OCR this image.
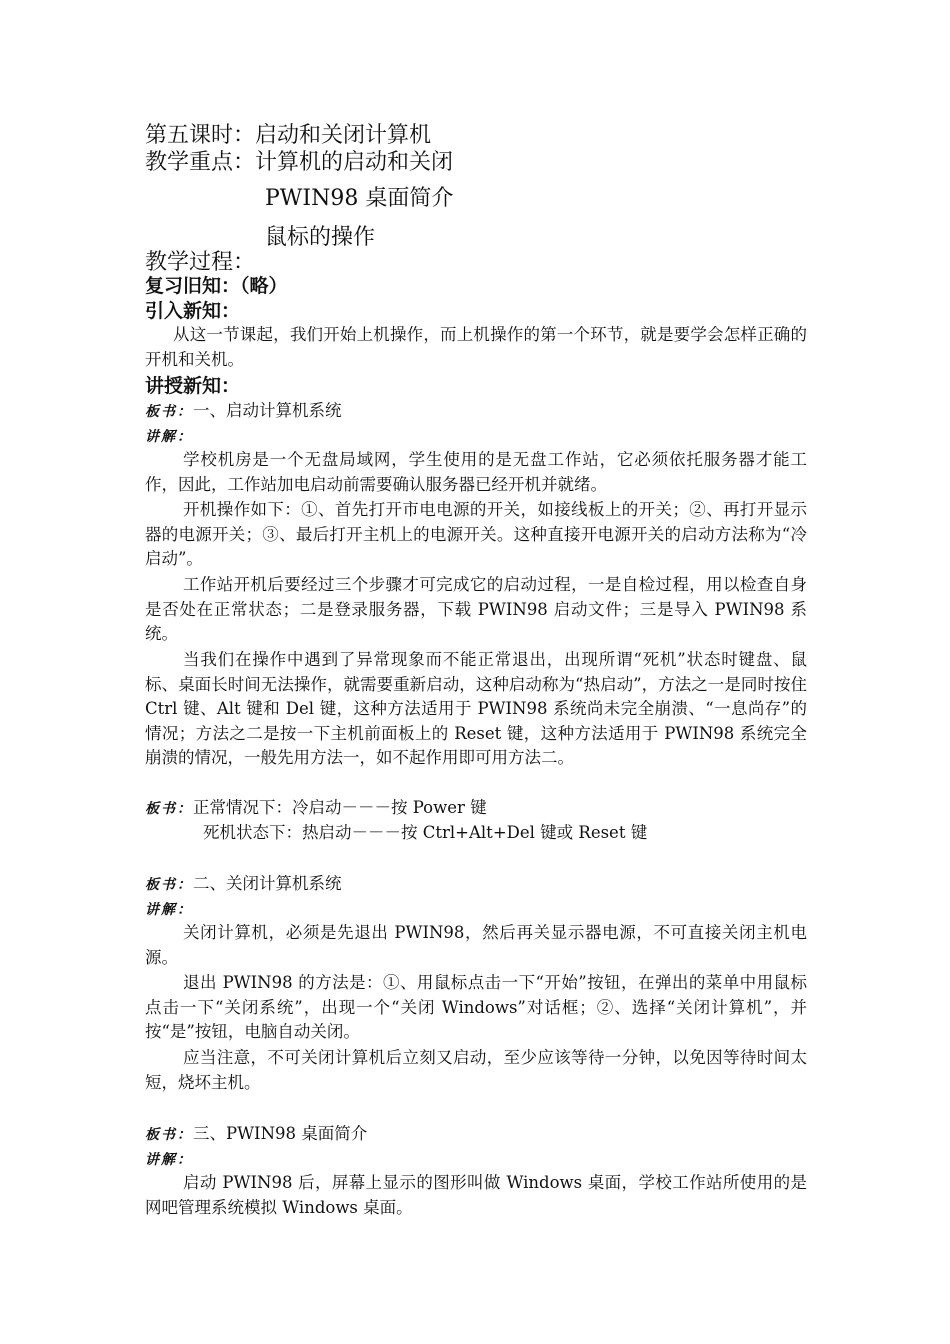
第五课时：启动和关闭计算机
教学重点：计算机的启动和关闭
PWIN98 桌面简介
鼠标的操作
教学过程：
复习旧知：（略）
引入新知：
从这一节课起，我们开始上机操作，而上机操作的第一个环节，就是要学会怎样正确的开机和关机。
讲授新知：
板书：一、启动计算机系统
讲解：
学校机房是一个无盘局域网，学生使用的是无盘工作站，它必须依托服务器才能工作，因此，工作站加电启动前需要确认服务器已经开机并就绪。
开机操作如下：①、首先打开市电电源的开关，如接线板上的开关；②、再打开显示器的电源开关；③、最后打开主机上的电源开关。这种直接开电源开关的启动方法称为“冷启动”。
工作站开机后要经过三个步骤才可完成它的启动过程，一是自检过程，用以检查自身是否处在正常状态；二是登录服务器，下载 PWIN98 启动文件；三是导入 PWIN98 系统。
当我们在操作中遇到了异常现象而不能正常退出，出现所谓“死机”状态时键盘、鼠标、桌面长时间无法操作，就需要重新启动，这种启动称为“热启动”，方法之一是同时按住 Ctrl 键、Alt 键和 Del 键，这种方法适用于 PWIN98 系统尚未完全崩溃、“一息尚存”的情况；方法之二是按一下主机前面板上的 Reset 键，这种方法适用于 PWIN98 系统完全崩溃的情况，一般先用方法一，如不起作用即可用方法二。
板书：正常情况下：冷启动－－－按 Power 键
死机状态下：热启动－－－按 Ctrl+Alt+Del 键或 Reset 键
板书：二、关闭计算机系统
讲解：
关闭计算机，必须是先退出 PWIN98，然后再关显示器电源，不可直接关闭主机电源。
退出 PWIN98 的方法是：①、用鼠标点击一下“开始”按钮，在弹出的菜单中用鼠标点击一下“关闭系统”，出现一个“关闭 Windows”对话框；②、选择“关闭计算机”，并按“是”按钮，电脑自动关闭。
应当注意，不可关闭计算机后立刻又启动，至少应该等待一分钟，以免因等待时间太短，烧坏主机。
板书：三、PWIN98 桌面简介
讲解：
启动 PWIN98 后，屏幕上显示的图形叫做 Windows 桌面，学校工作站所使用的是网吧管理系统模拟 Windows 桌面。
